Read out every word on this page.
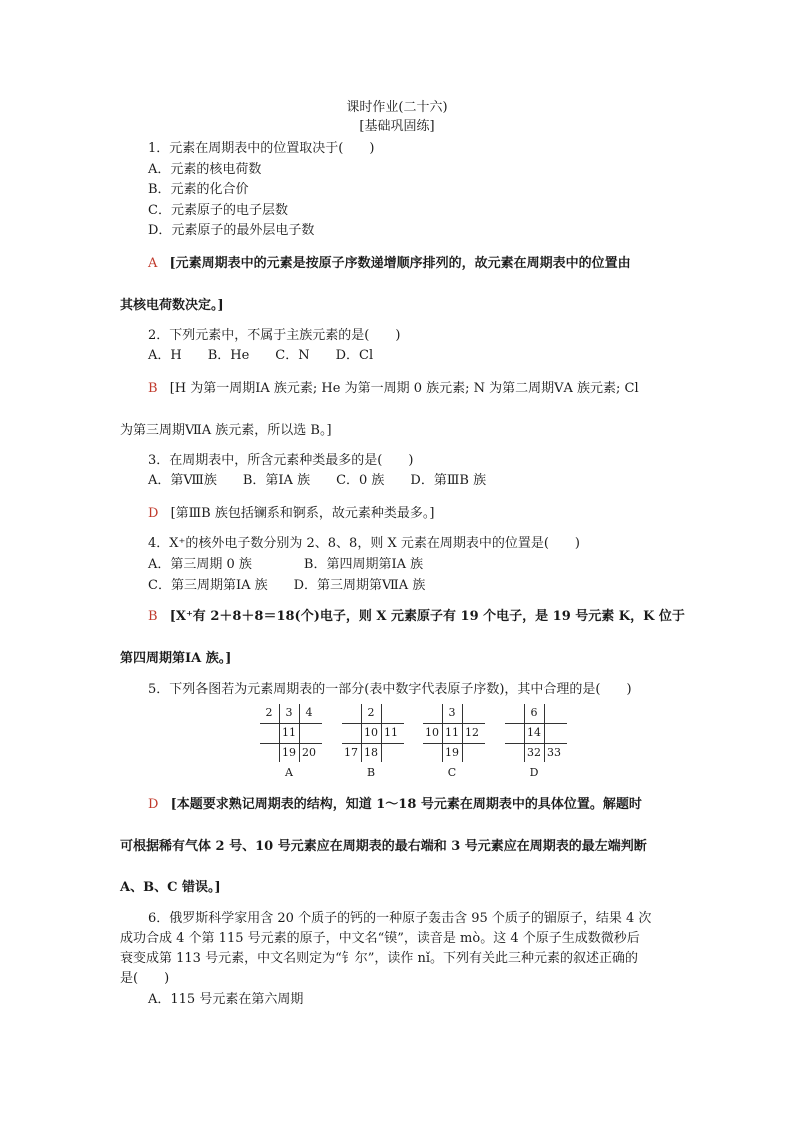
课时作业(二十六)
[基础巩固练]
1．元素在周期表中的位置取决于(　　)
A．元素的核电荷数
B．元素的化合价
C．元素原子的电子层数
D．元素原子的最外层电子数
A [元素周期表中的元素是按原子序数递增顺序排列的，故元素在周期表中的位置由
其核电荷数决定。]
2．下列元素中，不属于主族元素的是(　　)
A．H　　B．He　　C．N　　D．Cl
B [H 为第一周期ⅠA 族元素; He 为第一周期 0 族元素; N 为第二周期ⅤA 族元素; Cl
为第三周期ⅦA 族元素，所以选 B。]
3．在周期表中，所含元素种类最多的是(　　)
A．第Ⅷ族　　B．第ⅠA 族　　C．0 族　　D．第ⅢB 族
D [第ⅢB 族包括镧系和锕系，故元素种类最多。]
4．X⁺的核外电子数分别为 2、8、8，则 X 元素在周期表中的位置是(　　)
A．第三周期 0 族　　　　B．第四周期第ⅠA 族
C．第三周期第ⅠA 族　　D．第三周期第ⅦA 族
B [X⁺有 2＋8＋8＝18(个)电子，则 X 元素原子有 19 个电子，是 19 号元素 K，K 位于
第四周期第ⅠA 族。]
5．下列各图若为元素周期表的一部分(表中数字代表原子序数)，其中合理的是(　　)
2	3	4
11
19 20
A
2
10 11
17 18
B
3
10 11 12
19
C
6
14
32 33
D
D [本题要求熟记周期表的结构，知道 1～18 号元素在周期表中的具体位置。解题时
可根据稀有气体 2 号、10 号元素应在周期表的最右端和 3 号元素应在周期表的最左端判断
A、B、C 错误。]
6．俄罗斯科学家用含 20 个质子的钙的一种原子轰击含 95 个质子的镅原子，结果 4 次
成功合成 4 个第 115 号元素的原子，中文名“镆”，读音是 mò。这 4 个原子生成数微秒后
衰变成第 113 号元素，中文名则定为“钅尔”，读作 nǐ。下列有关此三种元素的叙述正确的
是(　　)
A．115 号元素在第六周期
